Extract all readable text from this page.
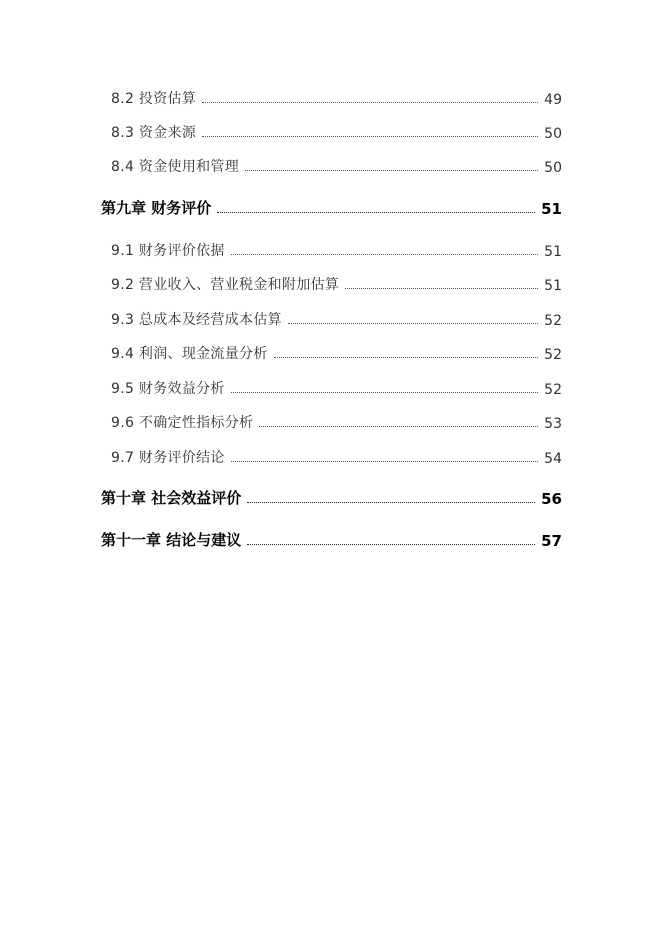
8.2 投资估算	49
8.3 资金来源	50
8.4 资金使用和管理	50
第九章 财务评价	51
9.1 财务评价依据	51
9.2 营业收入、营业税金和附加估算	51
9.3 总成本及经营成本估算	52
9.4 利润、现金流量分析	52
9.5 财务效益分析	52
9.6 不确定性指标分析	53
9.7 财务评价结论	54
第十章 社会效益评价	56
第十一章 结论与建议	57
